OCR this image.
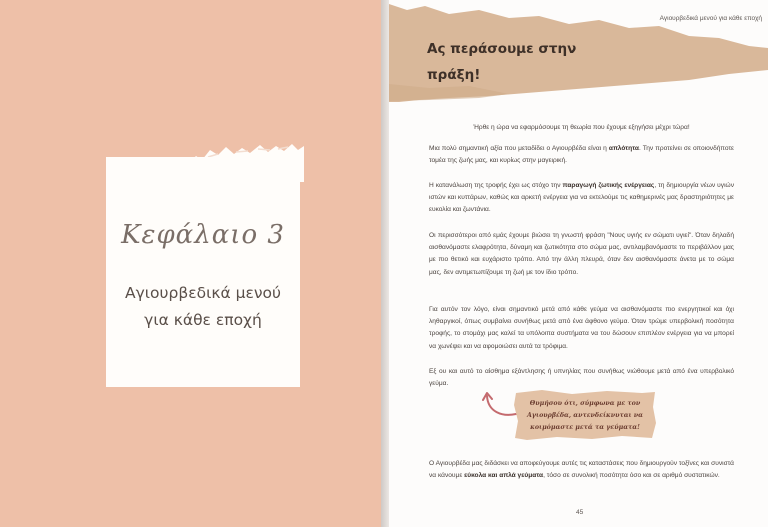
Κεφάλαιο 3
Αγιουρβεδικά μενού
για κάθε εποχή
Αγιουρβεδικά μενού για κάθε εποχή
Ας περάσουμε στην
πράξη!
Ήρθε η ώρα να εφαρμόσουμε τη θεωρία που έχουμε εξηγήσει μέχρι τώρα!
Μια πολύ σημαντική αξία που μεταδίδει ο Αγιουρβέδα είναι η απλότητα. Την προτείνει σε οποιονδήποτε τομέα της ζωής μας, και κυρίως στην μαγειρική.
Η κατανάλωση της τροφής έχει ως στόχο την παραγωγή ζωτικής ενέργειας, τη δημιουργία νέων υγιών ιστών και κυττάρων, καθώς και αρκετή ενέργεια για να εκτελούμε τις καθημερινές μας δραστηριότητες με ευκολία και ζωντάνια.
Οι περισσότεροι από εμάς έχουμε βιώσει τη γνωστή φράση "Νους υγιής εν σώματι υγιεί". Όταν δηλαδή αισθανόμαστε ελαφρότητα, δύναμη και ζωτικότητα στο σώμα μας, αντιλαμβανόμαστε το περιβάλλον μας με πιο θετικό και ευχάριστο τρόπο. Από την άλλη πλευρά, όταν δεν αισθανόμαστε άνετα με το σώμα μας, δεν αντιμετωπίζουμε τη ζωή με τον ίδιο τρόπο.
Για αυτόν τον λόγο, είναι σημαντικό μετά από κάθε γεύμα να αισθανόμαστε πιο ενεργητικοί και όχι ληθαργικοί, όπως συμβαίνει συνήθως μετά από ένα άφθονο γεύμα. Όταν τρώμε υπερβολική ποσότητα τροφής, το στομάχι μας καλεί τα υπόλοιπα συστήματα να του δώσουν επιπλέον ενέργεια για να μπορεί να χωνέψει και να αφομοιώσει αυτά τα τρόφιμα.
Εξ ου και αυτό το αίσθημα εξάντλησης ή υπνηλίας που συνήθως νιώθουμε μετά από ένα υπερβολικό γεύμα.
Θυμήσου ότι, σύμφωνα με τον
Αγιουρβέδα, αντενδείκνυται να
κοιμόμαστε μετά τα γεύματα!
Ο Αγιουρβέδα μας διδάσκει να αποφεύγουμε αυτές τις καταστάσεις που δημιουργούν τοξίνες και συνιστά να κάνουμε εύκολα και απλά γεύματα, τόσο σε συνολική ποσότητα όσο και σε αριθμό συστατικών.
45
